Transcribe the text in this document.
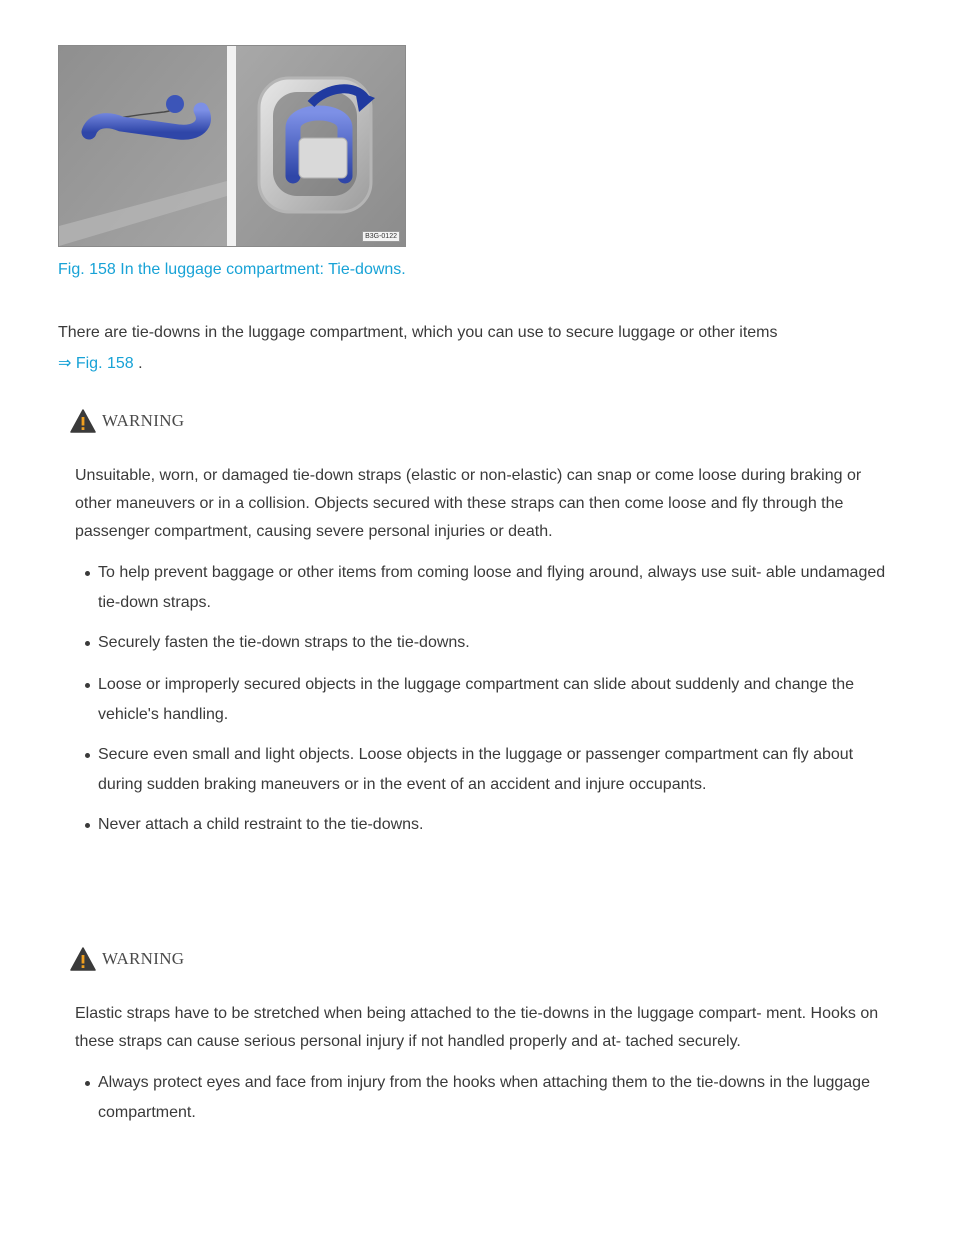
B3G-0122
Fig. 158 In the luggage compartment: Tie-downs.
There are tie-downs in the luggage compartment, which you can use to secure luggage or other items
⇒ Fig. 158 .
WARNING
Unsuitable, worn, or damaged tie-down straps (elastic or non-elastic) can snap or come loose during braking or other maneuvers or in a collision. Objects secured with these straps can then come loose and fly through the passenger compartment, causing severe personal injuries or death.
To help prevent baggage or other items from coming loose and flying around, always use suit- able undamaged tie-down straps.
Securely fasten the tie-down straps to the tie-downs.
Loose or improperly secured objects in the luggage compartment can slide about suddenly and change the vehicle's handling.
Secure even small and light objects. Loose objects in the luggage or passenger compartment can fly about during sudden braking maneuvers or in the event of an accident and injure occupants.
Never attach a child restraint to the tie-downs.
WARNING
Elastic straps have to be stretched when being attached to the tie-downs in the luggage compart- ment. Hooks on these straps can cause serious personal injury if not handled properly and at- tached securely.
Always protect eyes and face from injury from the hooks when attaching them to the tie-downs in the luggage compartment.
